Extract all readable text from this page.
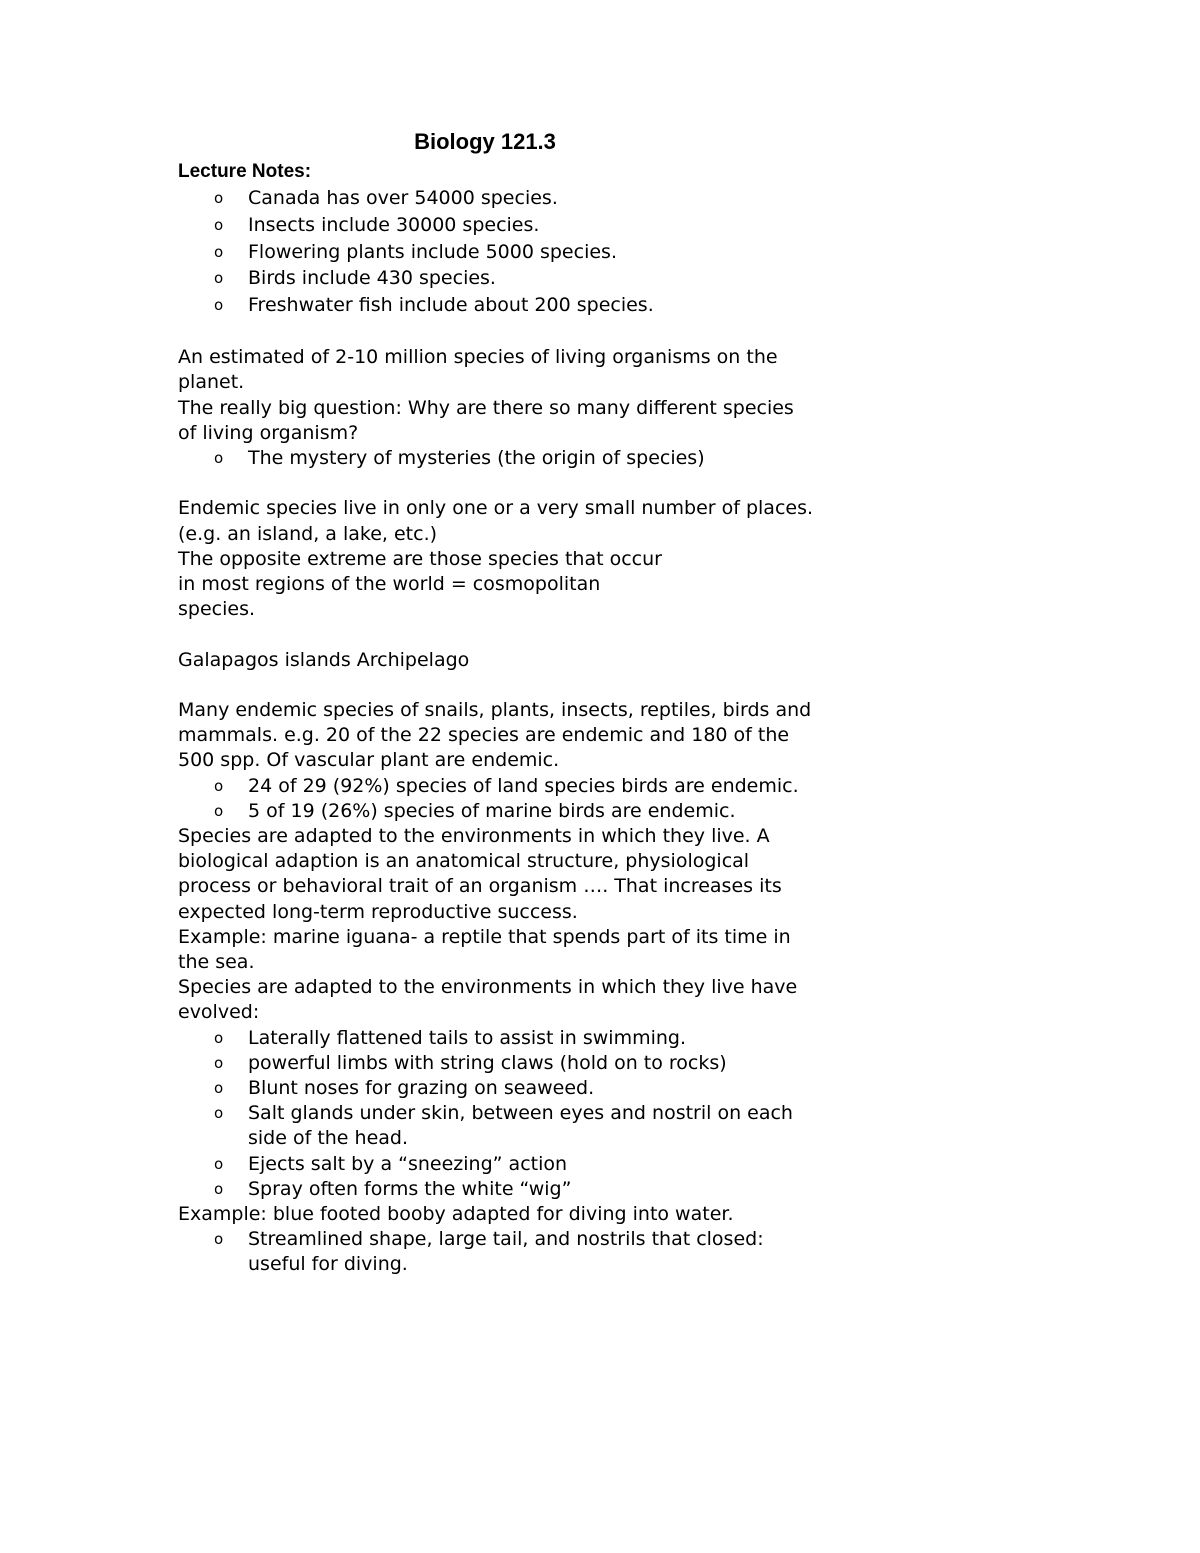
Biology 121.3
Lecture Notes:
o Canada has over 54000 species.
o Insects include 30000 species.
o Flowering plants include 5000 species.
o Birds include 430 species.
o Freshwater fish include about 200 species.

An estimated of 2-10 million species of living organisms on the planet.

The really big question: Why are there so many different species of living organism?

o The mystery of mysteries (the origin of species)

Endemic species live in only one or a very small number of places. (e.g. an island, a lake, etc.)

The opposite extreme are those species that occur

in most regions of the world = cosmopolitan

species.

Galapagos islands Archipelago

Many endemic species of snails, plants, insects, reptiles, birds and mammals. e.g. 20 of the 22 species are endemic and 180 of the 500 spp. Of vascular plant are endemic.

o 24 of 29 (92%) species of land species birds are endemic.
o 5 of 19 (26%) species of marine birds are endemic.

Species are adapted to the environments in which they live. A biological adaption is an anatomical structure, physiological process or behavioral trait of an organism …. That increases its expected long-term reproductive success.

Example: marine iguana- a reptile that spends part of its time in the sea.

Species are adapted to the environments in which they live have evolved:

o Laterally flattened tails to assist in swimming.
o powerful limbs with string claws (hold on to rocks)
o Blunt noses for grazing on seaweed.
o Salt glands under skin, between eyes and nostril on each side of the head.
o Ejects salt by a “sneezing” action
o Spray often forms the white “wig”

Example: blue footed booby adapted for diving into water.

o Streamlined shape, large tail, and nostrils that closed: useful for diving.
